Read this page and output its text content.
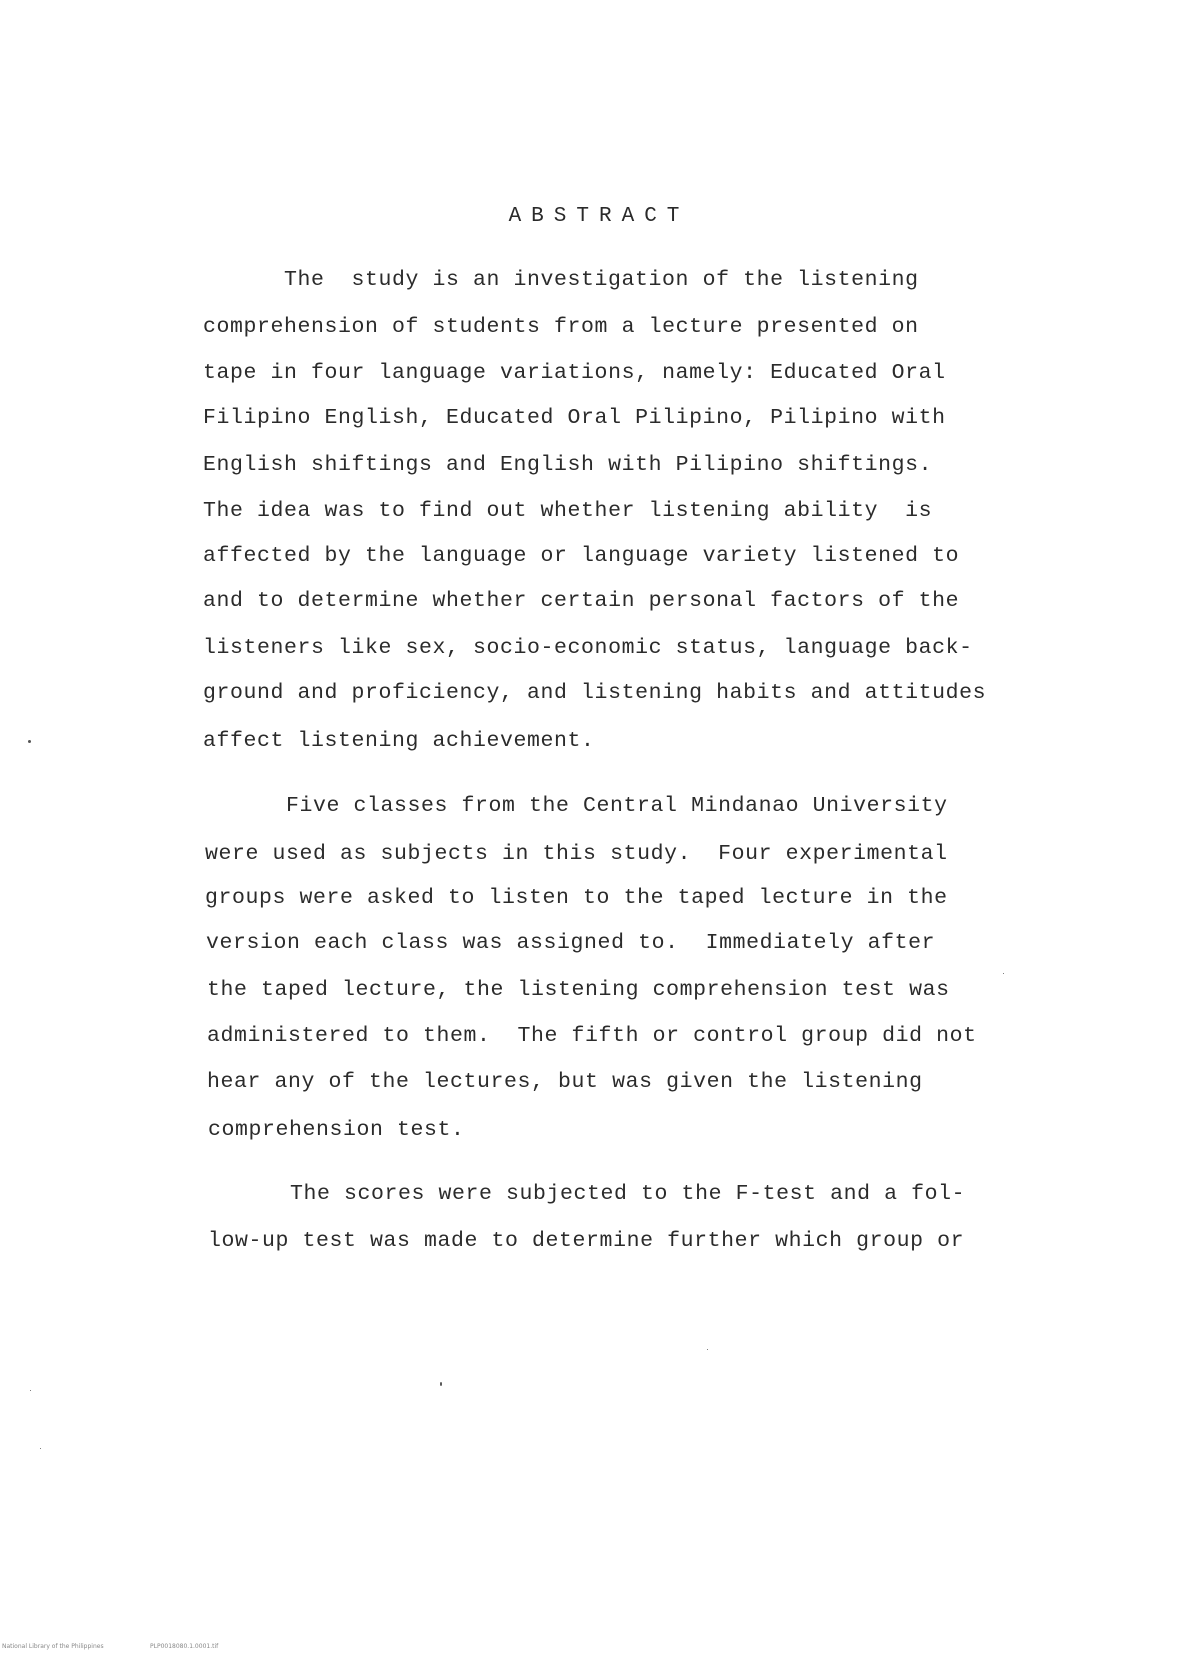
ABSTRACT
The  study is an investigation of the listening
comprehension of students from a lecture presented on
tape in four language variations, namely: Educated Oral
Filipino English, Educated Oral Pilipino, Pilipino with
English shiftings and English with Pilipino shiftings.
The idea was to find out whether listening ability  is
affected by the language or language variety listened to
and to determine whether certain personal factors of the
listeners like sex, socio-economic status, language back-
ground and proficiency, and listening habits and attitudes
affect listening achievement.
Five classes from the Central Mindanao University
were used as subjects in this study.  Four experimental
groups were asked to listen to the taped lecture in the
version each class was assigned to.  Immediately after
the taped lecture, the listening comprehension test was
administered to them.  The fifth or control group did not
hear any of the lectures, but was given the listening
comprehension test.
The scores were subjected to the F-test and a fol-
low-up test was made to determine further which group or
National Library of the Philippines	PLP0018080.1.0001.tif
